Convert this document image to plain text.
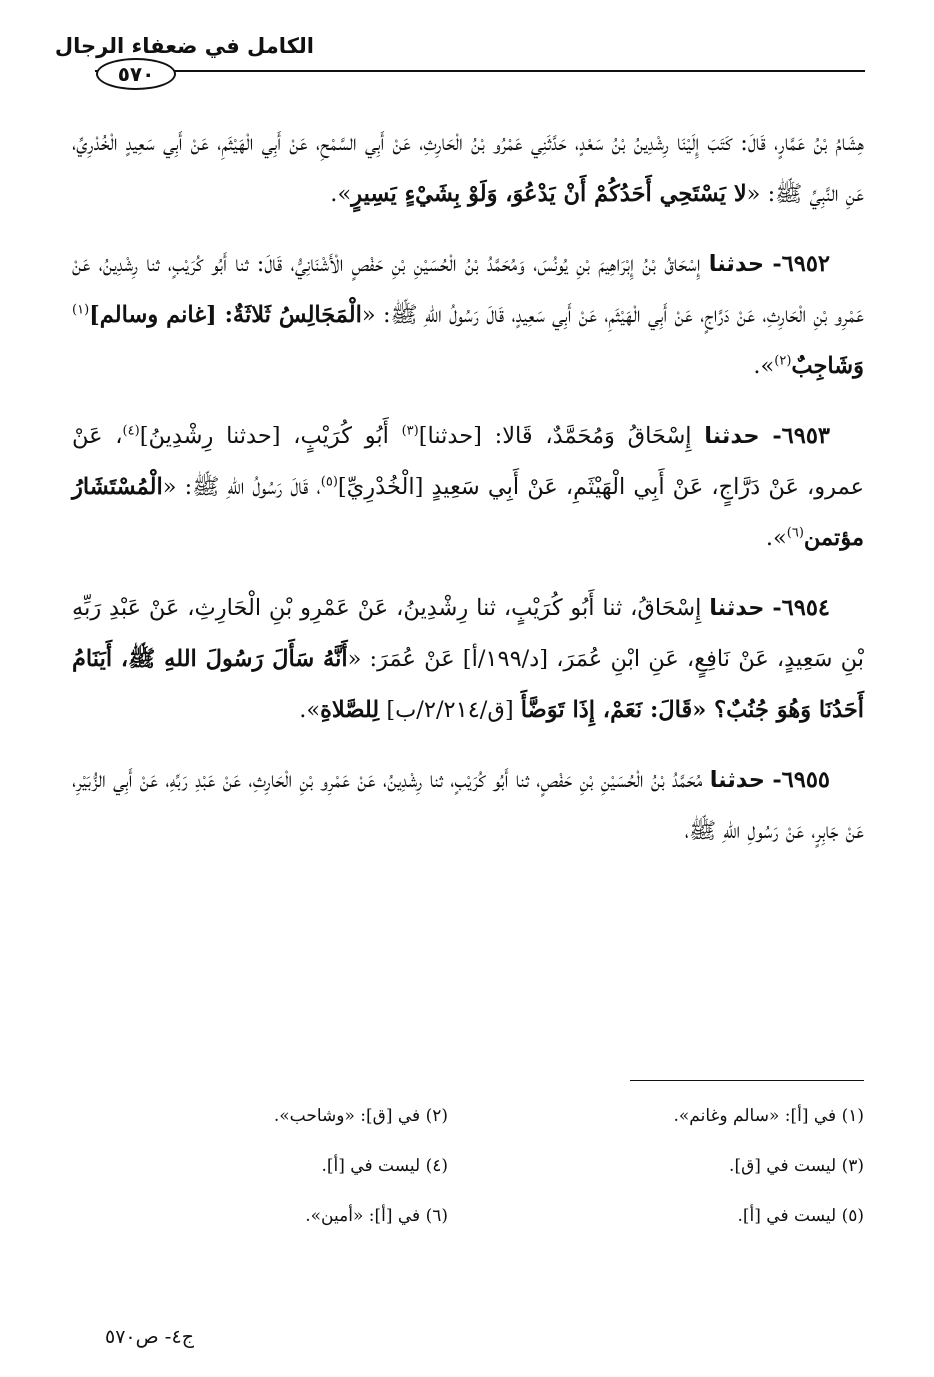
الكامل في ضعفاء الرجال
٥٧٠

هِشَامُ بْنُ عَمَّارٍ، قَالَ: كَتَبَ إِلَيْنَا رِشْدِينُ بْنُ سَعْدٍ، حَدَّثَنِي عَمْرُو بْنُ الْحَارِثِ، عَنْ أَبِي السَّمْحِ، عَنْ أَبِي الْهَيْثَمِ، عَنْ أَبِي سَعِيدٍ الْخُدْرِيِّ، عَنِ النَّبِيِّ ﷺ: «لا يَسْتَحِي أَحَدُكُمْ أَنْ يَدْعُوَ، وَلَوْ بِشَيْءٍ يَسِيرٍ».

٦٩٥٢- حدثنا إِسْحَاقُ بْنُ إِبْرَاهِيمَ بْنِ يُونُسَ، وَمُحَمَّدُ بْنُ الْحُسَيْنِ بْنِ حَفْصٍ الْأَشْنَانِيُّ، قَالَ: ثنا أَبُو كُرَيْبٍ، ثنا رِشْدِينُ، عَنْ عَمْرِو بْنِ الْحَارِثِ، عَنْ دَرَّاجٍ، عَنْ أَبِي الْهَيْثَمِ، عَنْ أَبِي سَعِيدٍ، قَالَ رَسُولُ اللهِ ﷺ: «الْمَجَالِسُ ثَلاثَةٌ: [غانم وسالم]$^{(١)}$ وَشَاجِبٌ$^{(٢)}$».

٦٩٥٣- حدثنا إِسْحَاقُ وَمُحَمَّدٌ، قَالا: [حدثنا]$^{(٣)}$ أَبُو كُرَيْبٍ، [حدثنا رِشْدِينُ]$^{(٤)}$، عَنْ عمرو، عَنْ دَرَّاجٍ، عَنْ أَبِي الْهَيْثَمِ، عَنْ أَبِي سَعِيدٍ [الْخُدْرِيِّ]$^{(٥)}$، قَالَ رَسُولُ اللهِ ﷺ: «الْمُسْتَشَارُ مؤتمن$^{(٦)}$».

٦٩٥٤- حدثنا إِسْحَاقُ، ثنا أَبُو كُرَيْبٍ، ثنا رِشْدِينُ، عَنْ عَمْرِو بْنِ الْحَارِثِ، عَنْ عَبْدِ رَبِّهِ بْنِ سَعِيدٍ، عَنْ نَافِعٍ، عَنِ ابْنِ عُمَرَ، [د/١٩٩/أ] عَنْ عُمَرَ: «أَنَّهُ سَأَلَ رَسُولَ اللهِ ﷺ، أَيَنَامُ أَحَدُنَا وَهُوَ جُنُبٌ؟ «قَالَ: نَعَمْ، إِذَا تَوَضَّأَ [ق/٢/٢١٤/ب] لِلصَّلاةِ».

٦٩٥٥- حدثنا مُحَمَّدُ بْنُ الْحُسَيْنِ بْنِ حَفْصٍ، ثنا أَبُو كُرَيْبٍ، ثنا رِشْدِينُ، عَنْ عَمْرِو بْنِ الْحَارِثِ، عَنْ عَبْدِ رَبِّهِ، عَنْ أَبِي الزُّبَيْرِ، عَنْ جَابِرٍ، عَنْ رَسُولِ اللهِ ﷺ،

(١) في [أ]: «سالم وغانم».
(٢) في [ق]: «وشاحب».
(٣) ليست في [ق].
(٤) ليست في [أ].
(٥) ليست في [أ].
(٦) في [أ]: «أمين».
ج٤- ص٥٧٠
